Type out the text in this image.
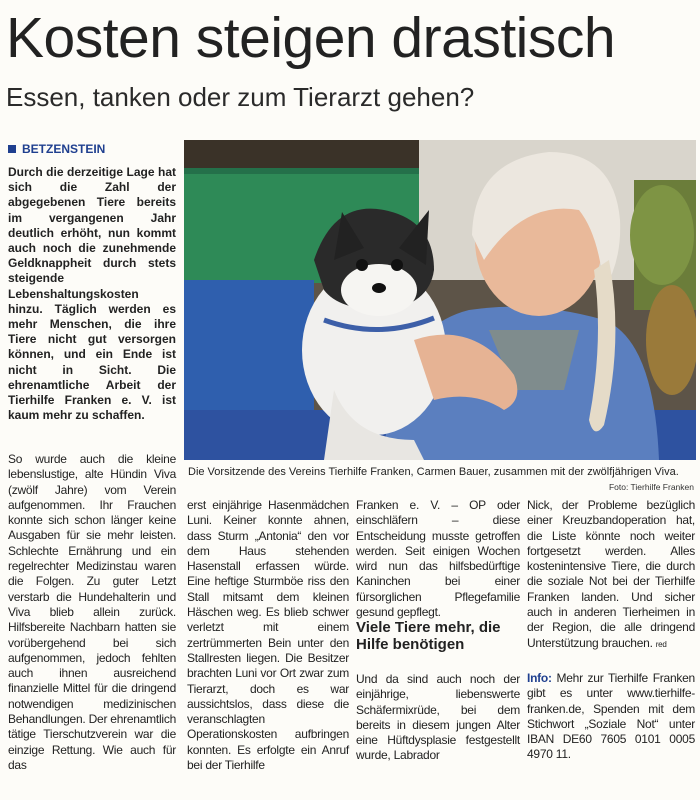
Kosten steigen drastisch
Essen, tanken oder zum Tierarzt gehen?
BETZENSTEIN

Durch die derzeitige Lage hat sich die Zahl der abgegebenen Tiere bereits im vergangenen Jahr deutlich erhöht, nun kommt auch noch die zunehmende Geldknappheit durch stets steigende Lebenshaltungskosten hinzu. Täglich werden es mehr Menschen, die ihre Tiere nicht gut versorgen können, und ein Ende ist nicht in Sicht. Die ehrenamtliche Arbeit der Tierhilfe Franken e. V. ist kaum mehr zu schaffen.

Die Vorsitzende des Vereins Tierhilfe Franken, Carmen Bauer, zusammen mit der zwölfjährigen Viva.

Foto: Tierhilfe Franken

So wurde auch die kleine lebenslustige, alte Hündin Viva (zwölf Jahre) vom Verein aufgenommen. Ihr Frauchen konnte sich schon länger keine Ausgaben für sie mehr leisten. Schlechte Ernährung und ein regelrechter Medizinstau waren die Folgen. Zu guter Letzt verstarb die Hundehalterin und Viva blieb allein zurück. Hilfsbereite Nachbarn hatten sie vorübergehend bei sich aufgenommen, jedoch fehlten auch ihnen ausreichend finanzielle Mittel für die dringend notwendigen medizinischen Behandlungen. Der ehrenamtlich tätige Tierschutzverein war die einzige Rettung. Wie auch für das

erst einjährige Hasenmädchen Luni. Keiner konnte ahnen, dass Sturm „Antonia“ den vor dem Haus stehenden Hasenstall erfassen würde. Eine heftige Sturmböe riss den Stall mitsamt dem kleinen Häschen weg. Es blieb schwer verletzt mit einem zertrümmerten Bein unter den Stallresten liegen. Die Besitzer brachten Luni vor Ort zwar zum Tierarzt, doch es war aussichtslos, dass diese die veranschlagten Operationskosten aufbringen konnten. Es erfolgte ein Anruf bei der Tierhilfe

Franken e. V. – OP oder einschläfern – diese Entscheidung musste getroffen werden. Seit einigen Wochen wird nun das hilfsbedürftige Kaninchen bei einer fürsorglichen Pflegefamilie gesund gepflegt.

Viele Tiere mehr, die Hilfe benötigen

Und da sind auch noch der einjährige, liebenswerte Schäfermixrüde, bei dem bereits in diesem jungen Alter eine Hüftdysplasie festgestellt wurde, Labrador

Nick, der Probleme bezüglich einer Kreuzbandoperation hat, die Liste könnte noch weiter fortgesetzt werden. Alles kostenintensive Tiere, die durch die soziale Not bei der Tierhilfe Franken landen. Und sicher auch in anderen Tierheimen in der Region, die alle dringend Unterstützung brauchen. red

Info: Mehr zur Tierhilfe Franken gibt es unter www.tierhilfe-franken.de, Spenden mit dem Stichwort „Soziale Not“ unter IBAN DE60 7605 0101 0005 4970 11.
